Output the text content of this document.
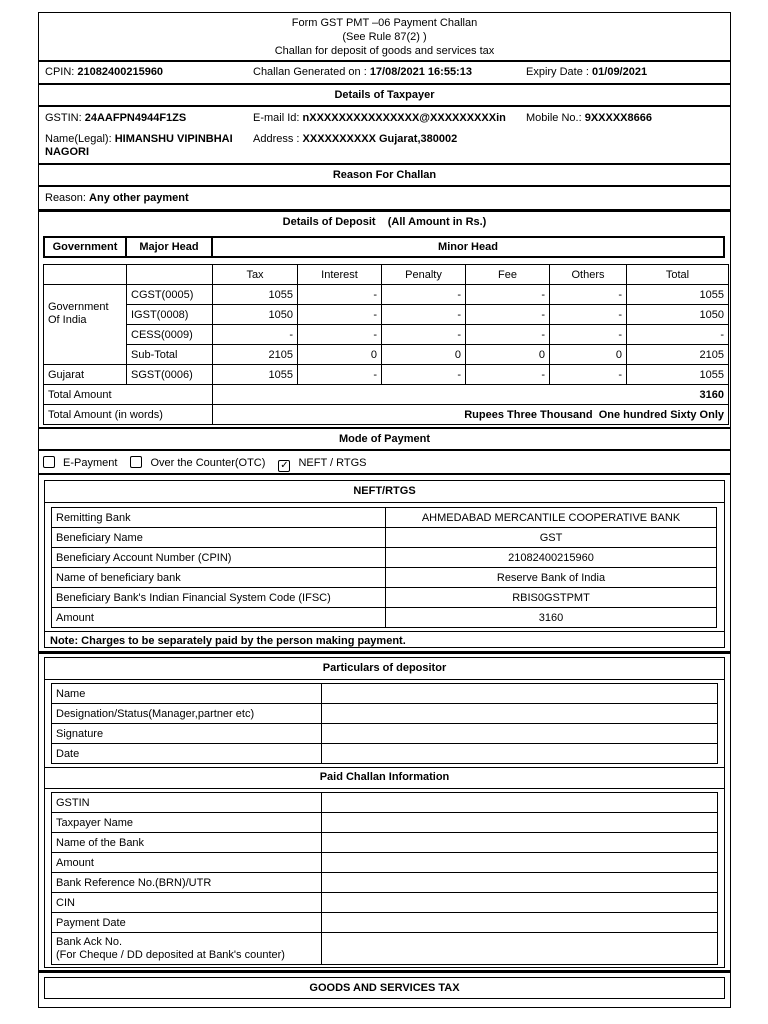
Form GST PMT –06 Payment Challan
(See Rule 87(2) )
Challan for deposit of goods and services tax
CPIN: 21082400215960	Challan Generated on : 17/08/2021 16:55:13	Expiry Date : 01/09/2021
Details of Taxpayer
GSTIN: 24AAFPN4944F1ZS	E-mail Id: nXXXXXXXXXXXXXXX@XXXXXXXXXin Mobile No.: 9XXXXX8666
Name(Legal): HIMANSHU VIPINBHAI
NAGORI
Address : XXXXXXXXXX Gujarat,380002
Reason For Challan
Reason: Any other payment
Details of Deposit    (All Amount in Rs.)
Government	Major Head	Minor Head
		Tax	Interest	Penalty	Fee	Others	Total
Government Of India	CGST(0005)	1055	-	-	-	-	1055
	IGST(0008)	1050	-	-	-	-	1050
	CESS(0009)	-	-	-	-	-	-
	Sub-Total	2105	0	0	0	0	2105
Gujarat	SGST(0006)	1055	-	-	-	-	1055
Total Amount		3160					
Total Amount (in words)		Rupees Three Thousand  One hundred Sixty Only					
Mode of Payment
E-Payment	Over the Counter(OTC) ✓ NEFT / RTGS
NEFT/RTGS
Remitting Bank	AHMEDABAD MERCANTILE COOPERATIVE BANK
Beneficiary Name	GST
Beneficiary Account Number (CPIN)	21082400215960
Name of beneficiary bank	Reserve Bank of India
Beneficiary Bank's Indian Financial System Code (IFSC)	RBIS0GSTPMT
Amount	3160
Note: Charges to be separately paid by the person making payment.
Particulars of depositor
Name	
Designation/Status(Manager,partner etc)	
Signature	
Date	
Paid Challan Information
GSTIN	
Taxpayer Name	
Name of the Bank	
Amount	
Bank Reference No.(BRN)/UTR	
CIN	
Payment Date	
Bank Ack No.
(For Cheque / DD deposited at Bank's counter)	
GOODS AND SERVICES TAX
